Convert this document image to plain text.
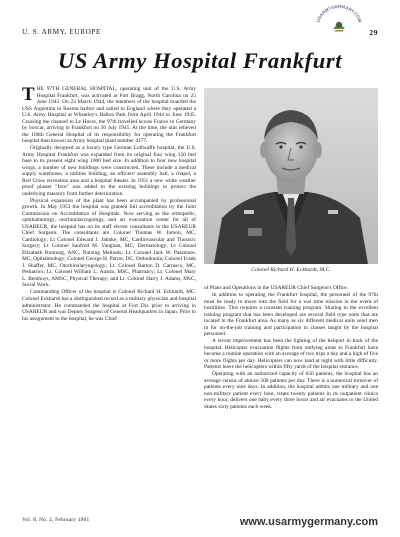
U. S. ARMY, EUROPE	29
USARMYGERMANY.COM
US Army Hospital Frankfurt

THE 97TH GENERAL HOSPITAL, operating unit of the U.S. Army Hospital Frankfurt, was activated at Fort Bragg, North Carolina on 25 June 1943. On 23 March 1944, the members of the hospital boarded the USS Argentina in Boston harbor and sailed to England where they operated a U.S. Army Hospital at Wheatley's Halton Park from April 1944 to June 1945. Crossing the channel to Le Havre, the 97th travelled across France to Germany by boxcar, arriving in Frankfurt on 30 July 1945. At the time, the unit relieved the 100th General Hospital of its responsibility for operating the Frankfurt hospital then known as Army hospital plant number 4277.

Originally designed as a luxury type German Luftwaffe hospital, the U.S. Army Hospital Frankfurt was expanded from its original four wing 150 bed base to its present eight wing 1000 bed size. In addition to four new hospital wings, a number of new buildings were constructed. These include a medical supply warehouse, a utilities building, an officers' assembly hall, a chapel, a Red Cross recreation area and a hospital theater. In 1951 a new white weather proof plaster "face" was added to the existing buildings to protect the underlying masonry from further deterioration.

Physical expansion of the plant has been accompanied by professional growth. In May 1953 the hospital was granted full accreditation by the Joint Commission on Accreditation of Hospitals. Now serving as the orthopedic, ophthalmology, otorhinolaryngology, and air evacuation center for all of USAREUR, the hospital has on its staff eleven consultants to the USAREUR Chief Surgeon. The consultants are Colonel Thomas W. Inmon, MC, Cardiology; Lt Colonel Edward J. Jahnke, MC, Cardiovascular and Thoracic Surgery; Lt Colonel Sanford M. Vaughan, MC, Dermatology; Lt Colonel Elizabeth Breitung, ANC, Nursing Methods; Lt. Colonel Jack W. Passmore, MC, Opthalmology; Colonel George H. Parrot, DC, Orthodontia; Colonel Frank J. Shaffer, MC, Otorhinolaryngology; Lt. Colonel Barton D. Carrasco, MC, Pediatrics; Lt. Colonel William L. Austin, MSC, Pharmacy; Lt. Colonel Mary L. Benthuys, AMSC, Physical Therapy; and Lt. Colonel Harry J. Adams, MSC, Social Work.

Commanding Officer of the hospital is Colonel Richard H. Eckhardt, MC. Colonel Eckhardt has a distinguished record as a military physician and hospital administrator. He commanded the hospital at Fort Dix prior to arriving in USAREUR and was Deputy Surgeon of General Headquarters in Japan. Prior to his assignment to the hospital, he was Chief

Colonel Richard H. Eckhardt, M.C.

of Plans and Operations in the USAREUR Chief Surgeon's Office.

In addition to operating the Frankfurt hospital, the personnel of the 97th must be ready to move into the field for a war time mission in the event of hostilities. This requires a constant training program. Sharing in the excellent training program that has been developed are several field type units that are located in the Frankfurt area. As many as six different medical units send men in for on-the-job training and participation in classes taught by the hospital personnel.

A recent improvement has been the lighting of the heliport in back of the hospital. Helicopter evacuation flights from outlying areas to Frankfurt have become a routine operation with an average of two trips a day and a high of five or more flights per day. Helicopters can now land at night with little difficulty. Patients leave the helicopters within fifty yards of the hospital entrance.

Operating with an authorized capacity of 650 patients, the hospital has an average census of almost 500 patients per day. There is a numerical turnover of patients every nine days. In addition, the hospital admits one military and one non-military patient every hour, treats twenty patients in its outpatient clinics every hour, delivers one baby every three hours and air evacuates to the United States sixty patients each week.

Vol. 8, No. 2, February 1961	www.usarmygermany.com
